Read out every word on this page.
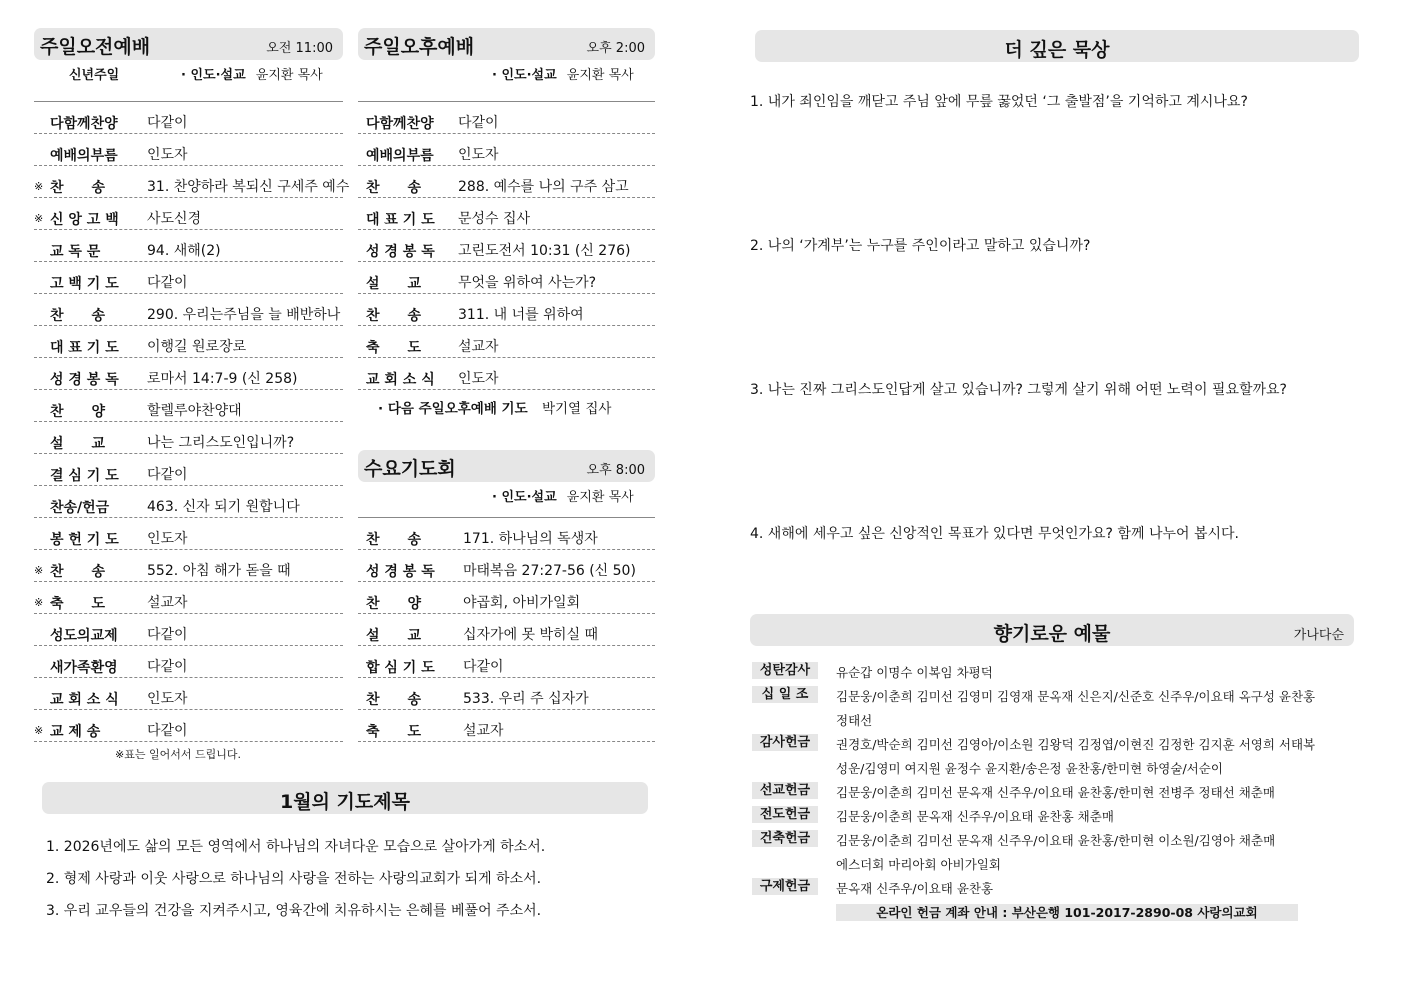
주일오전예배	오전 11:00
신년주일	· 인도·설교 윤지환 목사
다함께찬양 다같이
예배의부름 인도자
※ 찬　　송	31. 찬양하라 복되신 구세주 예수
※ 신 앙 고 백 사도신경
교 독 문	94. 새해(2)
고 백 기 도 다같이
찬　　송	290. 우리는주님을 늘 배반하나
대 표 기 도 이행길 원로장로
성 경 봉 독 로마서 14:7-9 (신 258)
찬　　양	할렐루야찬양대
설　　교	나는 그리스도인입니까?
결 심 기 도 다같이
찬송/헌금	463. 신자 되기 원합니다
봉 헌 기 도 인도자
※ 찬　　송	552. 아침 해가 돋을 때
※ 축　　도	설교자
성도의교제 다같이
새가족환영 다같이
교 회 소 식 인도자
※ 교 제 송	다같이
※표는 일어서서 드립니다.
주일오후예배	오후 2:00
· 인도·설교 윤지환 목사
다함께찬양 다같이
예배의부름 인도자
찬　　송	288. 예수를 나의 구주 삼고
대 표 기 도 문성수 집사
성 경 봉 독 고린도전서 10:31 (신 276)
설　　교	무엇을 위하여 사는가?
찬　　송	311. 내 너를 위하여
축　　도	설교자
교 회 소 식 인도자
· 다음 주일오후예배 기도 박기열 집사
수요기도회	오후 8:00
· 인도·설교 윤지환 목사
찬　　송	171. 하나님의 독생자
성 경 봉 독 마태복음 27:27-56 (신 50)
찬　　양	야곱회, 아비가일회
설　　교	십자가에 못 박히실 때
합 심 기 도 다같이
찬　　송	533. 우리 주 십자가
축　　도	설교자
1월의 기도제목
1. 2026년에도 삶의 모든 영역에서 하나님의 자녀다운 모습으로 살아가게 하소서.
2. 형제 사랑과 이웃 사랑으로 하나님의 사랑을 전하는 사랑의교회가 되게 하소서.
3. 우리 교우들의 건강을 지켜주시고, 영육간에 치유하시는 은혜를 베풀어 주소서.
더 깊은 묵상
1. 내가 죄인임을 깨닫고 주님 앞에 무릎 꿇었던 ‘그 출발점’을 기억하고 계시나요?
2. 나의 ‘가계부’는 누구를 주인이라고 말하고 있습니까?
3. 나는 진짜 그리스도인답게 살고 있습니까? 그렇게 살기 위해 어떤 노력이 필요할까요?
4. 새해에 세우고 싶은 신앙적인 목표가 있다면 무엇인가요? 함께 나누어 봅시다.
향기로운 예물	가나다순
성탄감사	유순갑 이명수 이복임 차평덕
십 일 조	김문웅/이춘희 김미선 김영미 김영재 문옥재 신은지/신준호 신주우/이요태 옥구성 윤찬홍
정태선
감사헌금	권경호/박순희 김미선 김영아/이소원 김왕덕 김정엽/이현진 김정한 김지훈 서영희 서태복
성운/김영미 여지원 윤정수 윤지환/송은정 윤찬홍/한미현 하영술/서순이
선교헌금	김문웅/이춘희 김미선 문옥재 신주우/이요태 윤찬홍/한미현 전병주 정태선 채춘매
전도헌금	김문웅/이춘희 문옥재 신주우/이요태 윤찬홍 채춘매
건축헌금	김문웅/이춘희 김미선 문옥재 신주우/이요태 윤찬홍/한미현 이소원/김영아 채춘매
에스더회 마리아회 아비가일회
구제헌금	문옥재 신주우/이요태 윤찬홍
온라인 헌금 계좌 안내 : 부산은행 101-2017-2890-08 사랑의교회
